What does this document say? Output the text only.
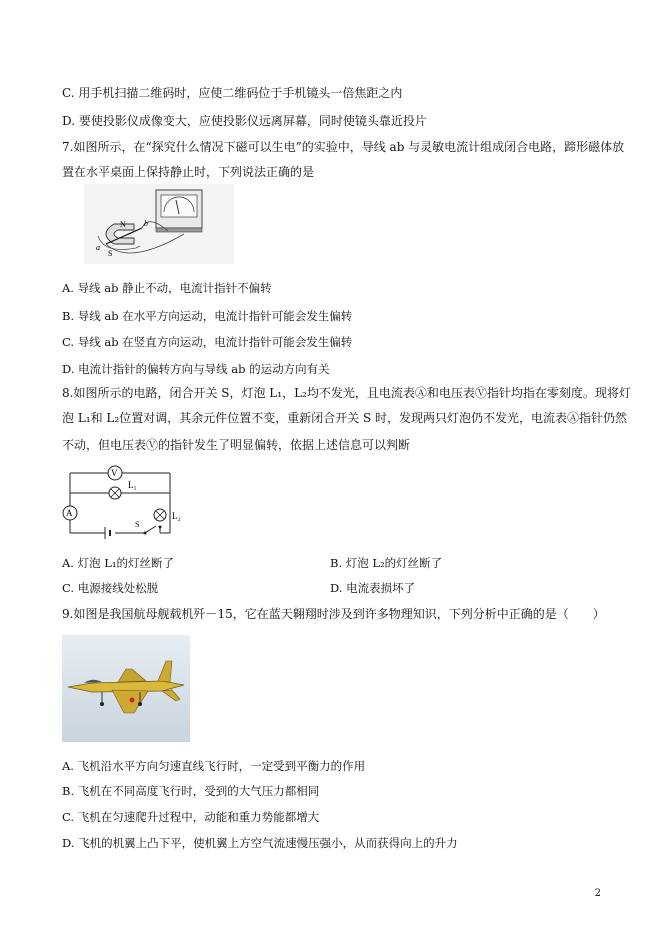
C. 用手机扫描二维码时，应使二维码位于手机镜头一倍焦距之内
D. 要使投影仪成像变大，应使投影仪远离屏幕，同时使镜头靠近投片
7.如图所示，在“探究什么情况下磁可以生电”的实验中，导线 ab 与灵敏电流计组成闭合电路，蹄形磁体放
置在水平桌面上保持静止时，下列说法正确的是
N
S
a
b
A. 导线 ab 静止不动，电流计指针不偏转
B. 导线 ab 在水平方向运动，电流计指针可能会发生偏转
C. 导线 ab 在竖直方向运动，电流计指针可能会发生偏转
D. 电流计指针的偏转方向与导线 ab 的运动方向有关
8.如图所示的电路，闭合开关 S，灯泡 L₁，L₂均不发光，且电流表Ⓐ和电压表Ⓥ指针均指在零刻度。现将灯
泡 L₁和 L₂位置对调，其余元件位置不变，重新闭合开关 S 时，发现两只灯泡仍不发光，电流表Ⓐ指针仍然
不动，但电压表Ⓥ的指针发生了明显偏转，依据上述信息可以判断
V
A
L₁
L₂
S
A. 灯泡 L₁的灯丝断了	B. 灯泡 L₂的灯丝断了
C. 电源接线处松脱	D. 电流表损坏了
9.如图是我国航母舰载机歼－15，它在蓝天翱翔时涉及到许多物理知识，下列分析中正确的是（　　）
A. 飞机沿水平方向匀速直线飞行时，一定受到平衡力的作用
B. 飞机在不同高度飞行时，受到的大气压力都相同
C. 飞机在匀速爬升过程中，动能和重力势能都增大
D. 飞机的机翼上凸下平，使机翼上方空气流速慢压强小，从而获得向上的升力
2
